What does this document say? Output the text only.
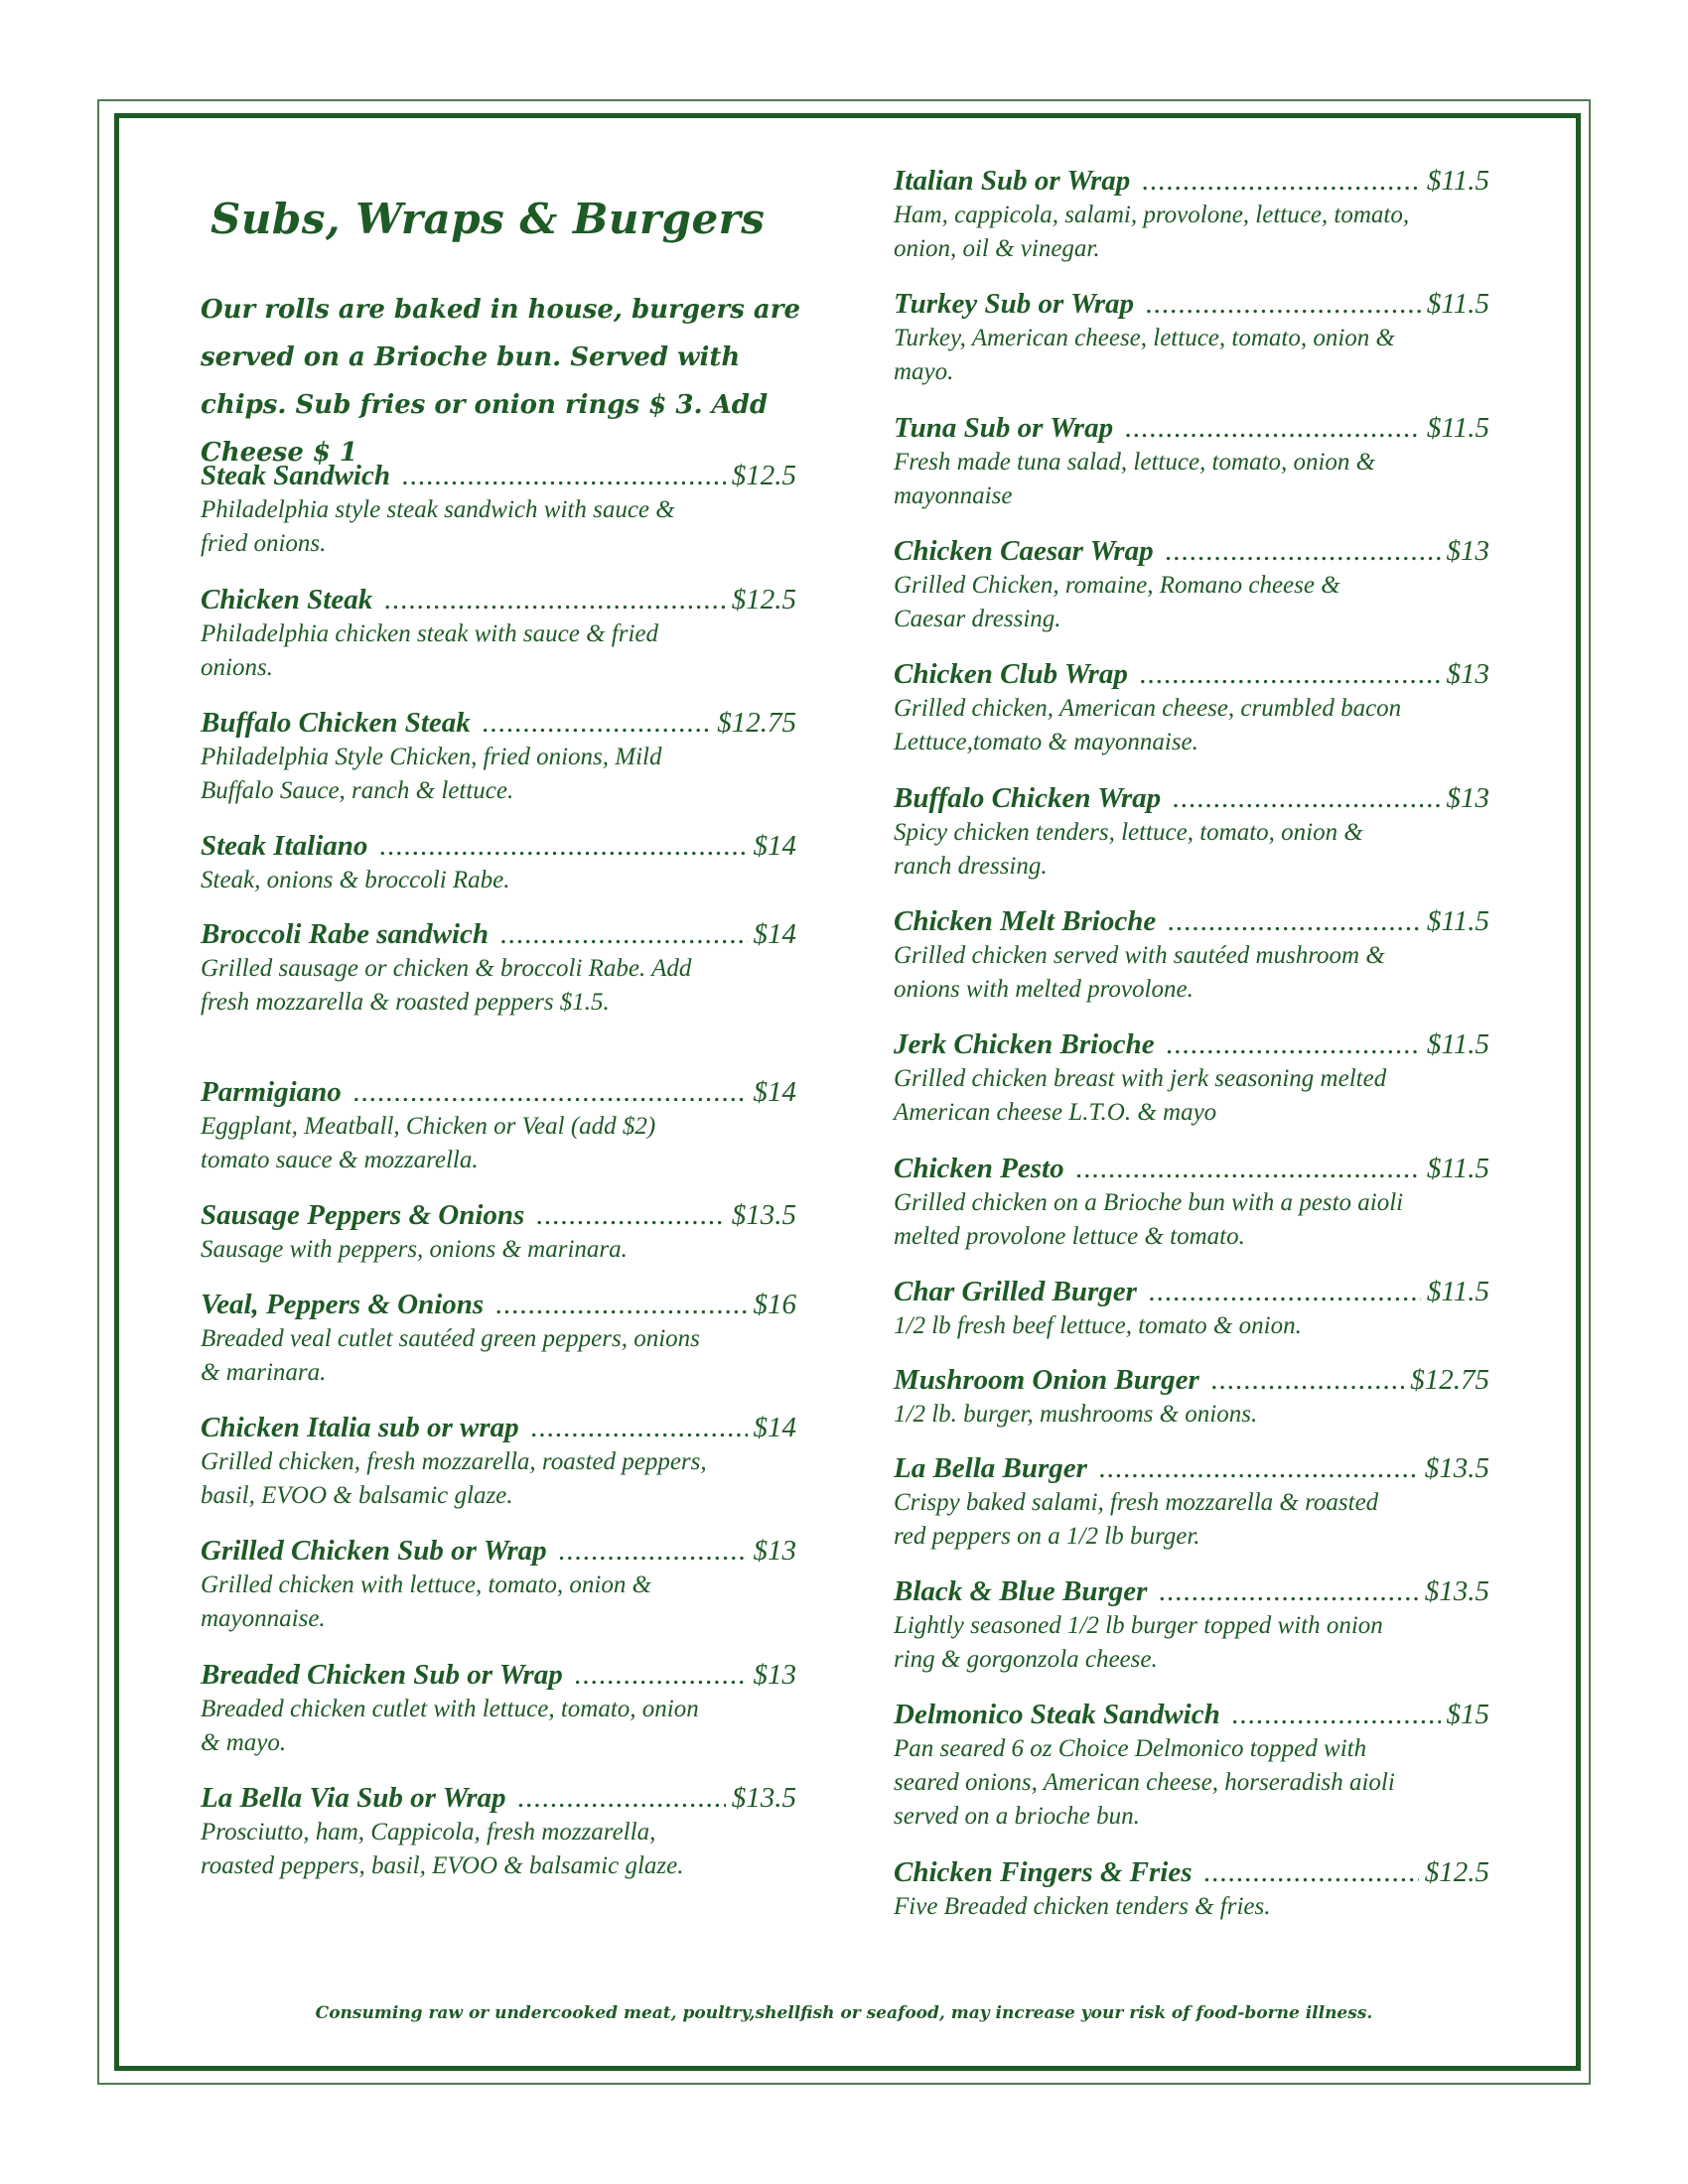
Subs, Wraps & Burgers

Our rolls are baked in house, burgers are served on a Brioche bun. Served with chips. Sub fries or onion rings $ 3. Add Cheese $ 1

Steak Sandwich .....	$12.5
Philadelphia style steak sandwich with sauce & fried onions.
Chicken Steak .....	$12.5
Philadelphia chicken steak with sauce & fried onions.
Buffalo Chicken Steak .....	$12.75
Philadelphia Style Chicken, fried onions, Mild Buffalo Sauce, ranch & lettuce.
Steak Italiano .....	$14
Steak, onions & broccoli Rabe.
Broccoli Rabe sandwich .....	$14
Grilled sausage or chicken & broccoli Rabe. Add fresh mozzarella & roasted peppers $1.5.
Parmigiano .....	$14
Eggplant, Meatball, Chicken or Veal (add $2) tomato sauce & mozzarella.
Sausage Peppers & Onions .....	$13.5
Sausage with peppers, onions & marinara.
Veal, Peppers & Onions .....	$16
Breaded veal cutlet sautéed green peppers, onions & marinara.
Chicken Italia sub or wrap .....	$14
Grilled chicken, fresh mozzarella, roasted peppers, basil, EVOO & balsamic glaze.
Grilled Chicken Sub or Wrap .....	$13
Grilled chicken with lettuce, tomato, onion & mayonnaise.
Breaded Chicken Sub or Wrap .....	$13
Breaded chicken cutlet with lettuce, tomato, onion & mayo.
La Bella Via Sub or Wrap .....	$13.5
Prosciutto, ham, Cappicola, fresh mozzarella, roasted peppers, basil, EVOO & balsamic glaze.
Italian Sub or Wrap .....	$11.5
Ham, cappicola, salami, provolone, lettuce, tomato, onion, oil & vinegar.
Turkey Sub or Wrap .....	$11.5
Turkey, American cheese, lettuce, tomato, onion & mayo.
Tuna Sub or Wrap .....	$11.5
Fresh made tuna salad, lettuce, tomato, onion & mayonnaise
Chicken Caesar Wrap .....	$13
Grilled Chicken, romaine, Romano cheese & Caesar dressing.
Chicken Club Wrap .....	$13
Grilled chicken, American cheese, crumbled bacon Lettuce,tomato & mayonnaise.
Buffalo Chicken Wrap .....	$13
Spicy chicken tenders, lettuce, tomato, onion & ranch dressing.
Chicken Melt Brioche .....	$11.5
Grilled chicken served with sautéed mushroom & onions with melted provolone.
Jerk Chicken Brioche .....	$11.5
Grilled chicken breast with jerk seasoning melted American cheese L.T.O. & mayo
Chicken Pesto .....	$11.5
Grilled chicken on a Brioche bun with a pesto aioli melted provolone lettuce & tomato.
Char Grilled Burger .....	$11.5
1/2 lb fresh beef lettuce, tomato & onion.
Mushroom Onion Burger .....	$12.75
1/2 lb. burger, mushrooms & onions.
La Bella Burger .....	$13.5
Crispy baked salami, fresh mozzarella & roasted red peppers on a 1/2 lb burger.
Black & Blue Burger .....	$13.5
Lightly seasoned 1/2 lb burger topped with onion ring & gorgonzola cheese.
Delmonico Steak Sandwich .....	$15
Pan seared 6 oz Choice Delmonico topped with seared onions, American cheese, horseradish aioli served on a brioche bun.
Chicken Fingers & Fries .....	$12.5
Five Breaded chicken tenders & fries.
Consuming raw or undercooked meat, poultry,shellfish or seafood, may increase your risk of food-borne illness.
